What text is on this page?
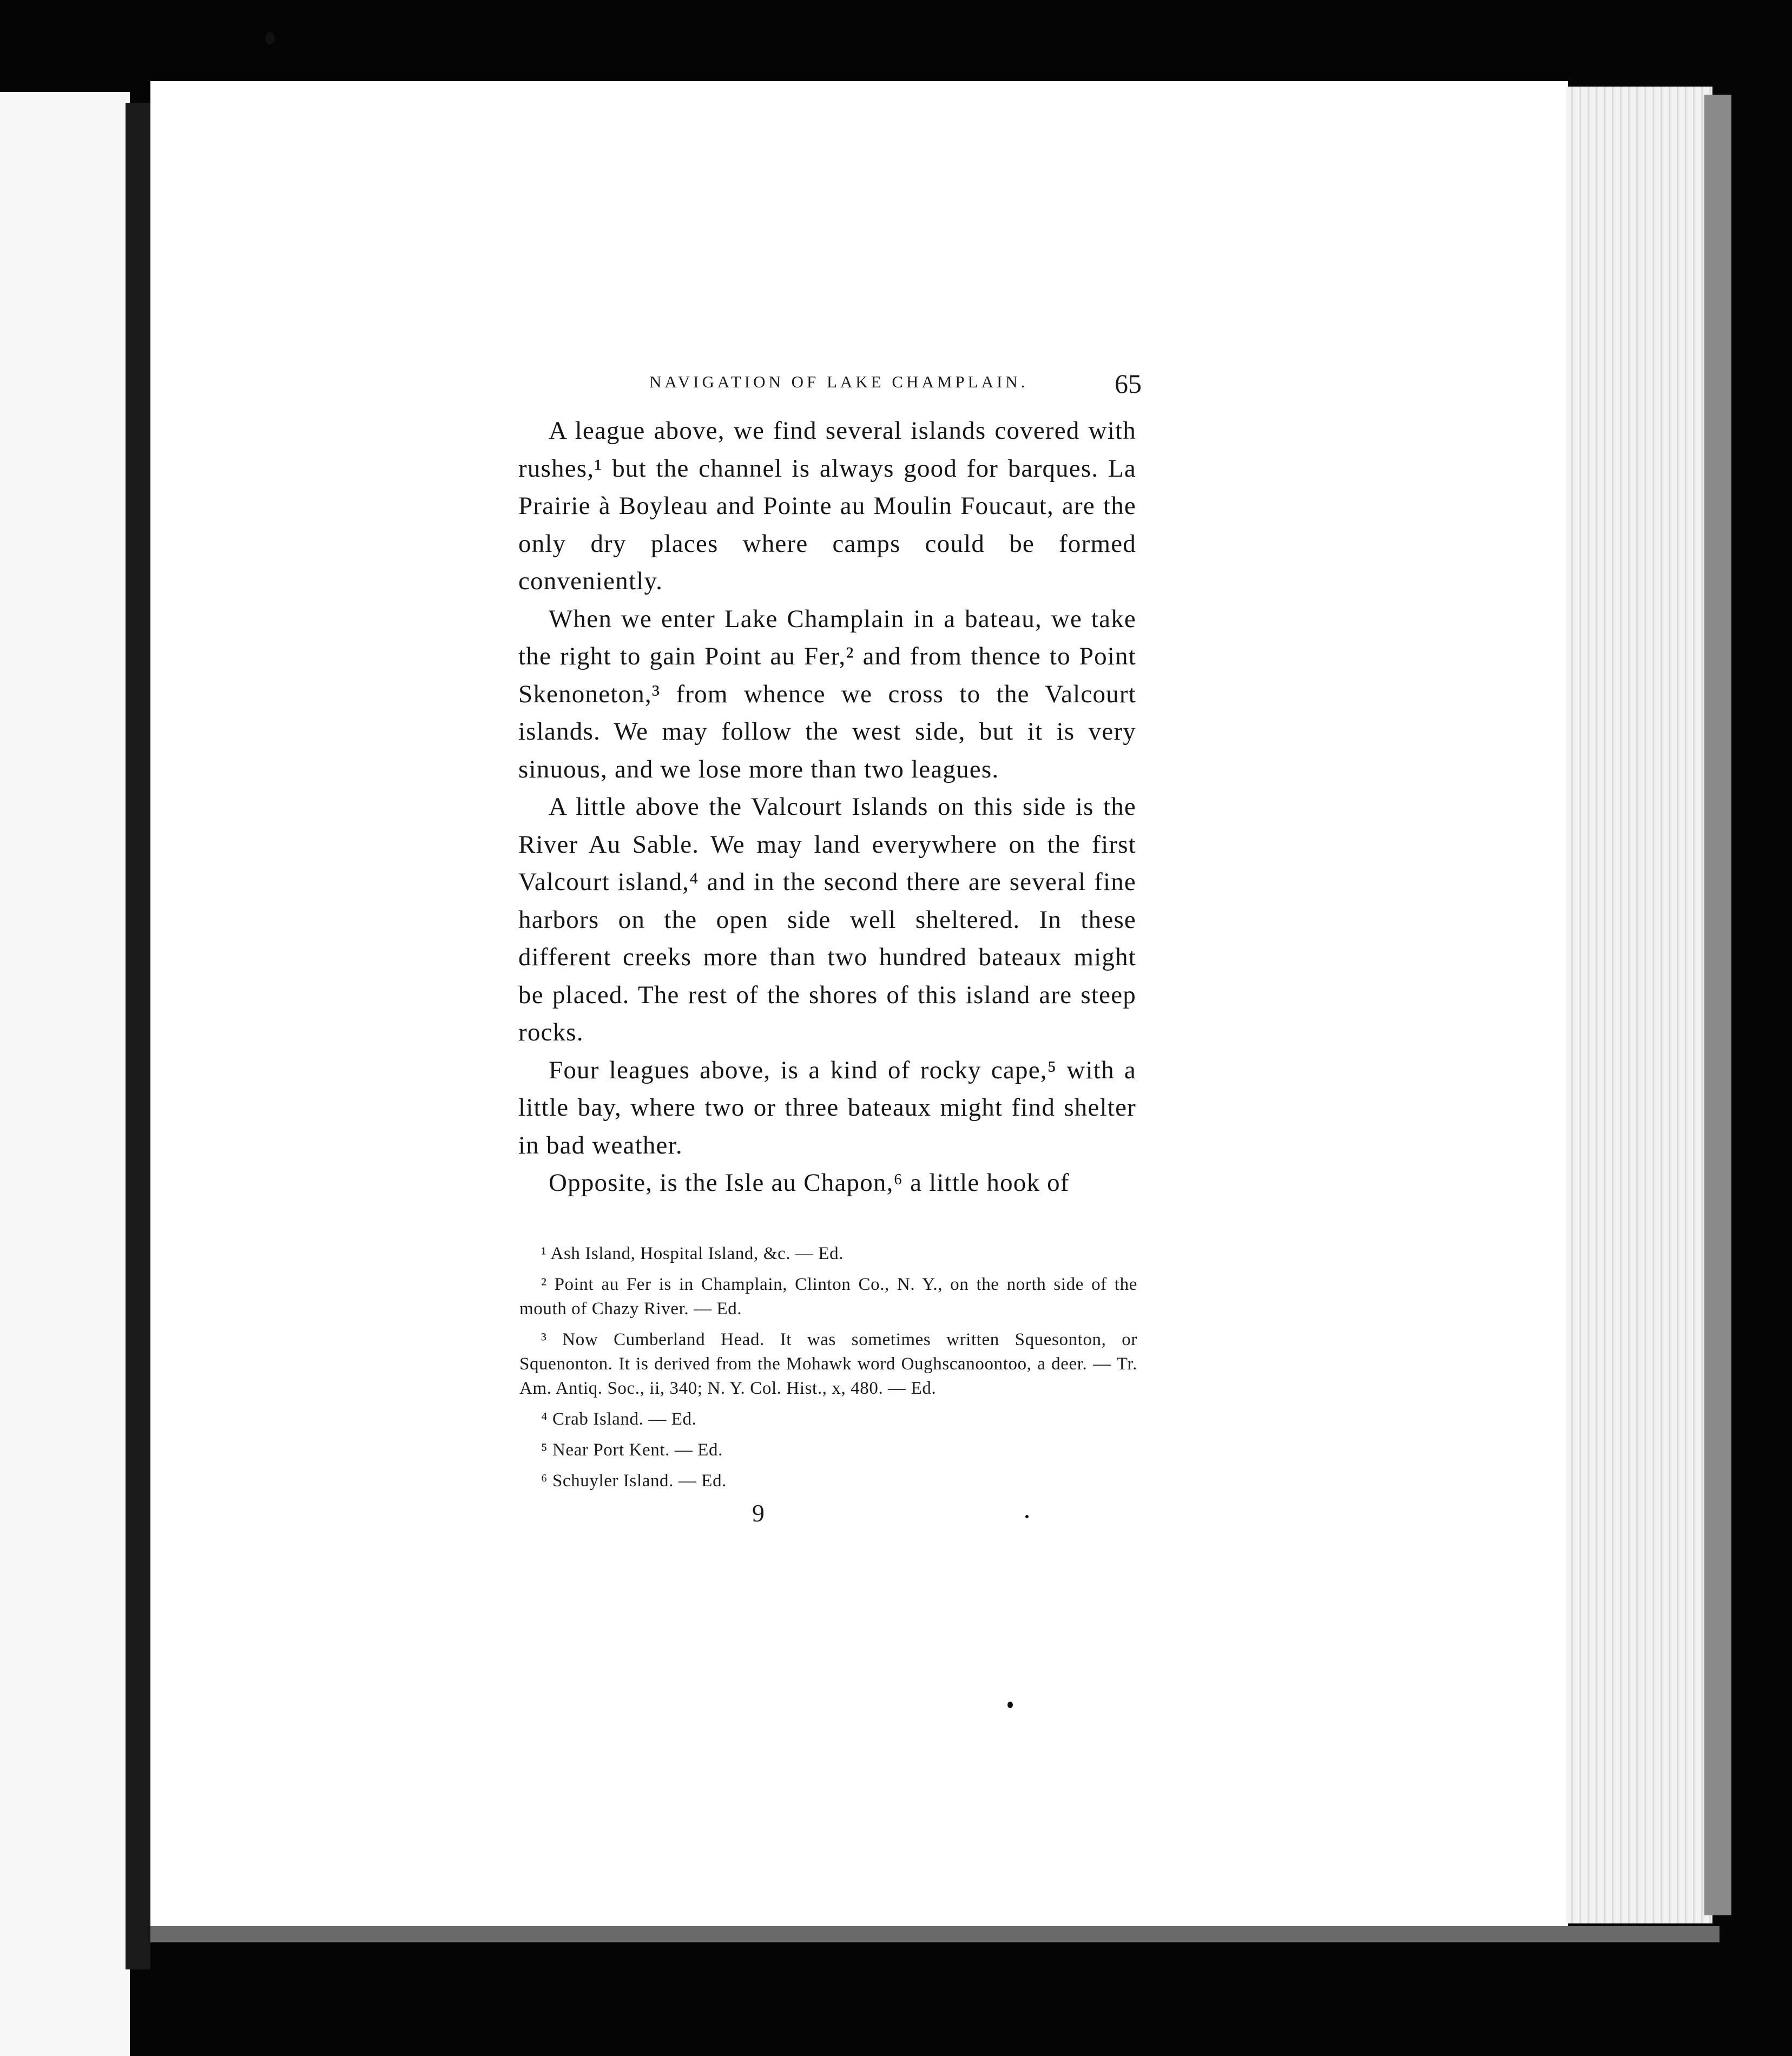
NAVIGATION OF LAKE CHAMPLAIN.	65

A league above, we find several islands covered with rushes,¹ but the channel is always good for barques. La Prairie à Boyleau and Pointe au Moulin Foucaut, are the only dry places where camps could be formed conveniently.

When we enter Lake Champlain in a bateau, we take the right to gain Point au Fer,² and from thence to Point Skenoneton,³ from whence we cross to the Valcourt islands. We may follow the west side, but it is very sinuous, and we lose more than two leagues.

A little above the Valcourt Islands on this side is the River Au Sable. We may land everywhere on the first Valcourt island,⁴ and in the second there are several fine harbors on the open side well sheltered. In these different creeks more than two hundred bateaux might be placed. The rest of the shores of this island are steep rocks.

Four leagues above, is a kind of rocky cape,⁵ with a little bay, where two or three bateaux might find shelter in bad weather.

Opposite, is the Isle au Chapon,⁶ a little hook of

¹ Ash Island, Hospital Island, &c. — Ed.

² Point au Fer is in Champlain, Clinton Co., N. Y., on the north side of the mouth of Chazy River. — Ed.

³ Now Cumberland Head. It was sometimes written Squesonton, or Squenonton. It is derived from the Mohawk word Oughscanoontoo, a deer. — Tr. Am. Antiq. Soc., ii, 340; N. Y. Col. Hist., x, 480. — Ed.

⁴ Crab Island. — Ed.

⁵ Near Port Kent. — Ed.

⁶ Schuyler Island. — Ed.

9
